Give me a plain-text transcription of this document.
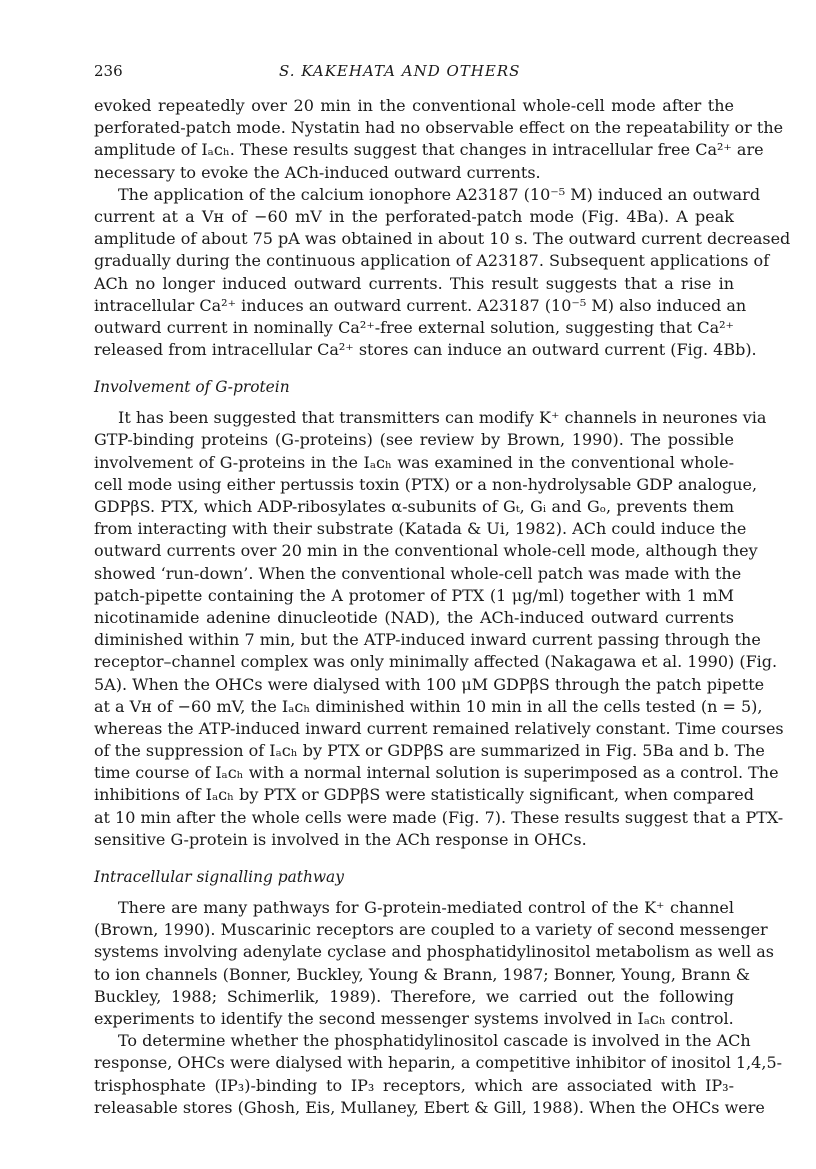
236	S. KAKEHATA AND OTHERS
evoked repeatedly over 20 min in the conventional whole-cell mode after the
perforated-patch mode. Nystatin had no observable effect on the repeatability or the
amplitude of Iₐᴄₕ. These results suggest that changes in intracellular free Ca²⁺ are
necessary to evoke the ACh-induced outward currents.
The application of the calcium ionophore A23187 (10⁻⁵ M) induced an outward
current at a Vʜ of −60 mV in the perforated-patch mode (Fig. 4Ba). A peak
amplitude of about 75 pA was obtained in about 10 s. The outward current decreased
gradually during the continuous application of A23187. Subsequent applications of
ACh no longer induced outward currents. This result suggests that a rise in
intracellular Ca²⁺ induces an outward current. A23187 (10⁻⁵ M) also induced an
outward current in nominally Ca²⁺-free external solution, suggesting that Ca²⁺
released from intracellular Ca²⁺ stores can induce an outward current (Fig. 4Bb).
Involvement of G-protein
It has been suggested that transmitters can modify K⁺ channels in neurones via
GTP-binding proteins (G-proteins) (see review by Brown, 1990). The possible
involvement of G-proteins in the Iₐᴄₕ was examined in the conventional whole-
cell mode using either pertussis toxin (PTX) or a non-hydrolysable GDP analogue,
GDPβS. PTX, which ADP-ribosylates α-subunits of Gₜ, Gᵢ and Gₒ, prevents them
from interacting with their substrate (Katada & Ui, 1982). ACh could induce the
outward currents over 20 min in the conventional whole-cell mode, although they
showed ‘run-down’. When the conventional whole-cell patch was made with the
patch-pipette containing the A protomer of PTX (1 μg/ml) together with 1 mM
nicotinamide adenine dinucleotide (NAD), the ACh-induced outward currents
diminished within 7 min, but the ATP-induced inward current passing through the
receptor–channel complex was only minimally affected (Nakagawa et al. 1990) (Fig.
5A). When the OHCs were dialysed with 100 μM GDPβS through the patch pipette
at a Vʜ of −60 mV, the Iₐᴄₕ diminished within 10 min in all the cells tested (n = 5),
whereas the ATP-induced inward current remained relatively constant. Time courses
of the suppression of Iₐᴄₕ by PTX or GDPβS are summarized in Fig. 5Ba and b. The
time course of Iₐᴄₕ with a normal internal solution is superimposed as a control. The
inhibitions of Iₐᴄₕ by PTX or GDPβS were statistically significant, when compared
at 10 min after the whole cells were made (Fig. 7). These results suggest that a PTX-
sensitive G-protein is involved in the ACh response in OHCs.
Intracellular signalling pathway
There are many pathways for G-protein-mediated control of the K⁺ channel
(Brown, 1990). Muscarinic receptors are coupled to a variety of second messenger
systems involving adenylate cyclase and phosphatidylinositol metabolism as well as
to ion channels (Bonner, Buckley, Young & Brann, 1987; Bonner, Young, Brann &
Buckley, 1988; Schimerlik, 1989). Therefore, we carried out the following
experiments to identify the second messenger systems involved in Iₐᴄₕ control.
To determine whether the phosphatidylinositol cascade is involved in the ACh
response, OHCs were dialysed with heparin, a competitive inhibitor of inositol 1,4,5-
trisphosphate (IP₃)-binding to IP₃ receptors, which are associated with IP₃-
releasable stores (Ghosh, Eis, Mullaney, Ebert & Gill, 1988). When the OHCs were
